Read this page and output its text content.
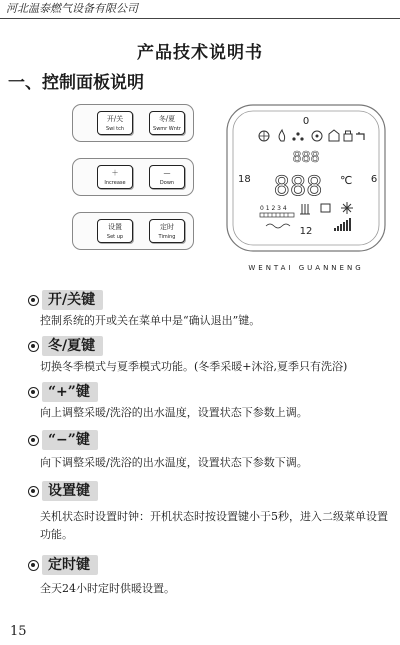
河北温泰燃气设备有限公司
产品技术说明书
一、控制面板说明
开/关
Swi tch
冬/夏
Swmr Wntr
＋
Increase
—
Down
设置
Set up
定时
Timing
0
6
12
18
888
888 ℃
0 1 2 3 4
WENTAI GUANNENG
开/关键
控制系统的开或关在菜单中是“确认退出”键。
冬/夏键
切换冬季模式与夏季模式功能。(冬季采暖+沐浴,夏季只有洗浴)
“+”键
向上调整采暖/洗浴的出水温度，设置状态下参数上调。
“−”键
向下调整采暖/洗浴的出水温度，设置状态下参数下调。
设置键
关机状态时设置时钟：开机状态时按设置键小于5秒，进入二级菜单设置功能。
定时键
全天24小时定时供暖设置。
15
